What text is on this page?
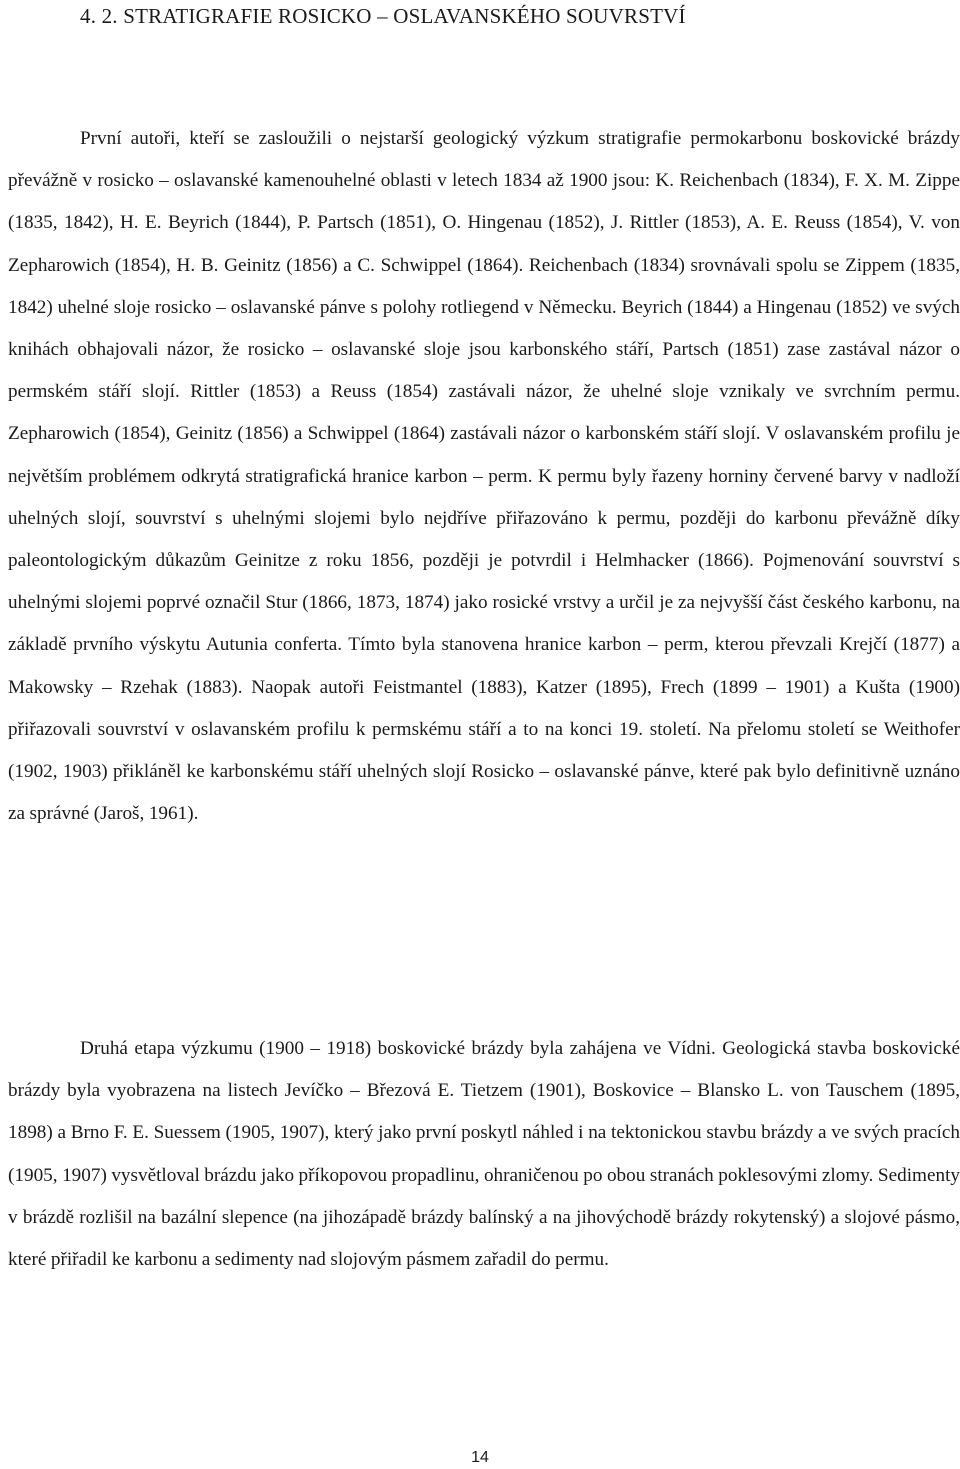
4. 2. STRATIGRAFIE ROSICKO – OSLAVANSKÉHO SOUVRSTVÍ

První autoři, kteří se zasloužili o nejstarší geologický výzkum stratigrafie permokarbonu boskovické brázdy převážně v rosicko – oslavanské kamenouhelné oblasti v letech 1834 až 1900 jsou: K. Reichenbach (1834), F. X. M. Zippe (1835, 1842), H. E. Beyrich (1844), P. Partsch (1851), O. Hingenau (1852), J. Rittler (1853), A. E. Reuss (1854), V. von Zepharowich (1854), H. B. Geinitz (1856) a C. Schwippel (1864). Reichenbach (1834) srovnávali spolu se Zippem (1835, 1842) uhelné sloje rosicko – oslavanské pánve s polohy rotliegend v Německu. Beyrich (1844) a Hingenau (1852) ve svých knihách obhajovali názor, že rosicko – oslavanské sloje jsou karbonského stáří, Partsch (1851) zase zastával názor o permském stáří slojí. Rittler (1853) a Reuss (1854) zastávali názor, že uhelné sloje vznikaly ve svrchním permu. Zepharowich (1854), Geinitz (1856) a Schwippel (1864) zastávali názor o karbonském stáří slojí. V oslavanském profilu je největším problémem odkrytá stratigrafická hranice karbon – perm. K permu byly řazeny horniny červené barvy v nadloží uhelných slojí, souvrství s uhelnými slojemi bylo nejdříve přiřazováno k permu, později do karbonu převážně díky paleontologickým důkazům Geinitze z roku 1856, později je potvrdil i Helmhacker (1866). Pojmenování souvrství s uhelnými slojemi poprvé označil Stur (1866, 1873, 1874) jako rosické vrstvy a určil je za nejvyšší část českého karbonu, na základě prvního výskytu Autunia conferta. Tímto byla stanovena hranice karbon – perm, kterou převzali Krejčí (1877) a Makowsky – Rzehak (1883). Naopak autoři Feistmantel (1883), Katzer (1895), Frech (1899 – 1901) a Kušta (1900) přiřazovali souvrství v oslavanském profilu k permskému stáří a to na konci 19. století. Na přelomu století se Weithofer (1902, 1903) přikláněl ke karbonskému stáří uhelných slojí Rosicko – oslavanské pánve, které pak bylo definitivně uznáno za správné (Jaroš, 1961).

Druhá etapa výzkumu (1900 – 1918) boskovické brázdy byla zahájena ve Vídni. Geologická stavba boskovické brázdy byla vyobrazena na listech Jevíčko – Březová E. Tietzem (1901), Boskovice – Blansko L. von Tauschem (1895, 1898) a Brno F. E. Suessem (1905, 1907), který jako první poskytl náhled i na tektonickou stavbu brázdy a ve svých pracích (1905, 1907) vysvětloval brázdu jako příkopovou propadlinu, ohraničenou po obou stranách poklesovými zlomy. Sedimenty v brázdě rozlišil na bazální slepence (na jihozápadě brázdy balínský a na jihovýchodě brázdy rokytenský) a slojové pásmo, které přiřadil ke karbonu a sedimenty nad slojovým pásmem zařadil do permu.

14
